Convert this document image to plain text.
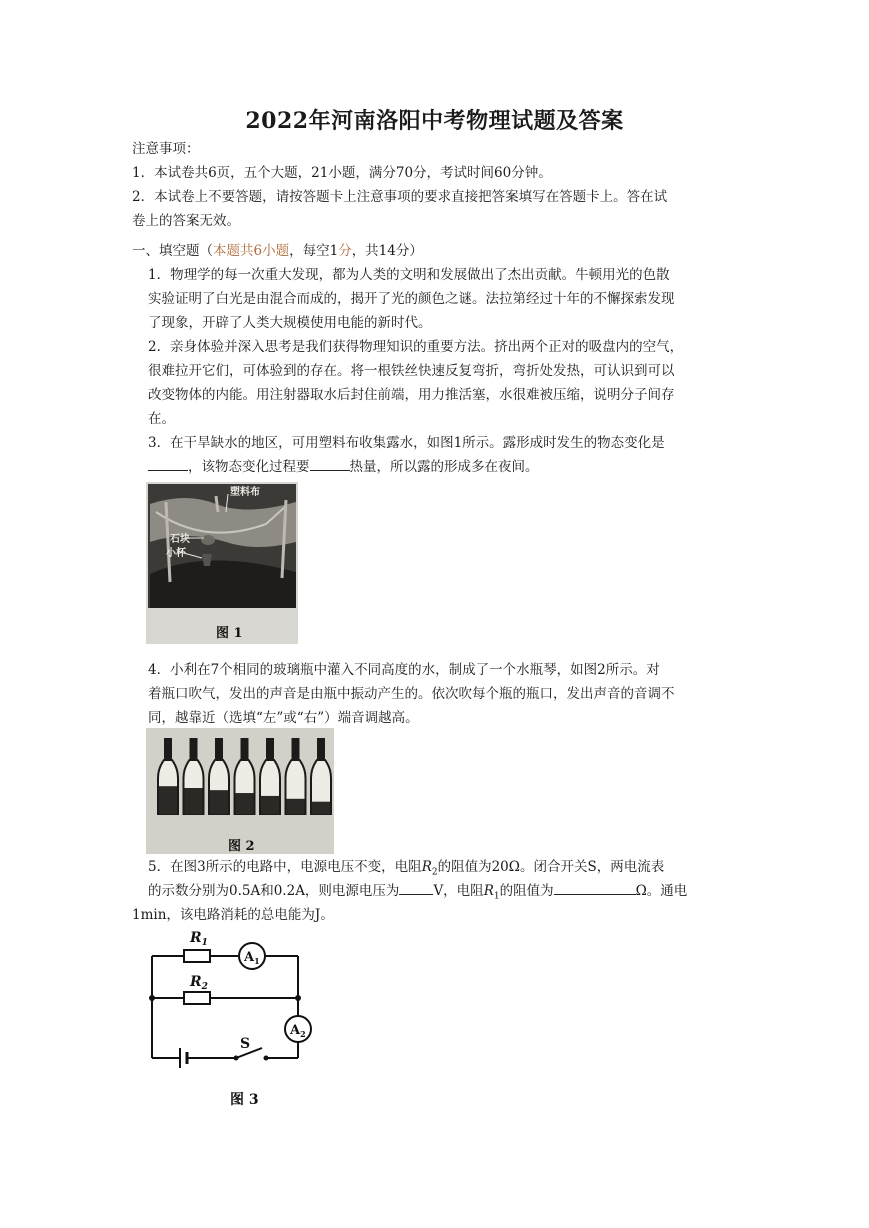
2022年河南洛阳中考物理试题及答案
注意事项：
1．本试卷共6页，五个大题，21小题，满分70分，考试时间60分钟。
2．本试卷上不要答题，请按答题卡上注意事项的要求直接把答案填写在答题卡上。答在试
卷上的答案无效。
一、填空题（本题共6小题，每空1分，共14分）
1．物理学的每一次重大发现，都为人类的文明和发展做出了杰出贡献。牛顿用光的色散
实验证明了白光是由混合而成的，揭开了光的颜色之谜。法拉第经过十年的不懈探索发现
了现象，开辟了人类大规模使用电能的新时代。
2．亲身体验并深入思考是我们获得物理知识的重要方法。挤出两个正对的吸盘内的空气，
很难拉开它们，可体验到的存在。将一根铁丝快速反复弯折，弯折处发热，可认识到可以
改变物体的内能。用注射器取水后封住前端，用力推活塞，水很难被压缩，说明分子间存
在。
3．在干旱缺水的地区，可用塑料布收集露水，如图1所示。露形成时发生的物态变化是
，该物态变化过程要	热量，所以露的形成多在夜间。
塑料布
石块
小杯
图 1
4．小利在7个相同的玻璃瓶中灌入不同高度的水，制成了一个水瓶琴，如图2所示。对
着瓶口吹气，发出的声音是由瓶中振动产生的。依次吹每个瓶的瓶口，发出声音的音调不
同，越靠近（选填“左”或“右”）端音调越高。
图 2
5．在图3所示的电路中，电源电压不变，电阻$R_2$的阻值为20Ω。闭合开关S，两电流表
的示数分别为0.5A和0.2A，则电源电压为	V，电阻$R_1$的阻值为	Ω。通电
1min，该电路消耗的总电能为J。
$R_1$
$R_2$
$A_1$
$A_2$
S
图 3
